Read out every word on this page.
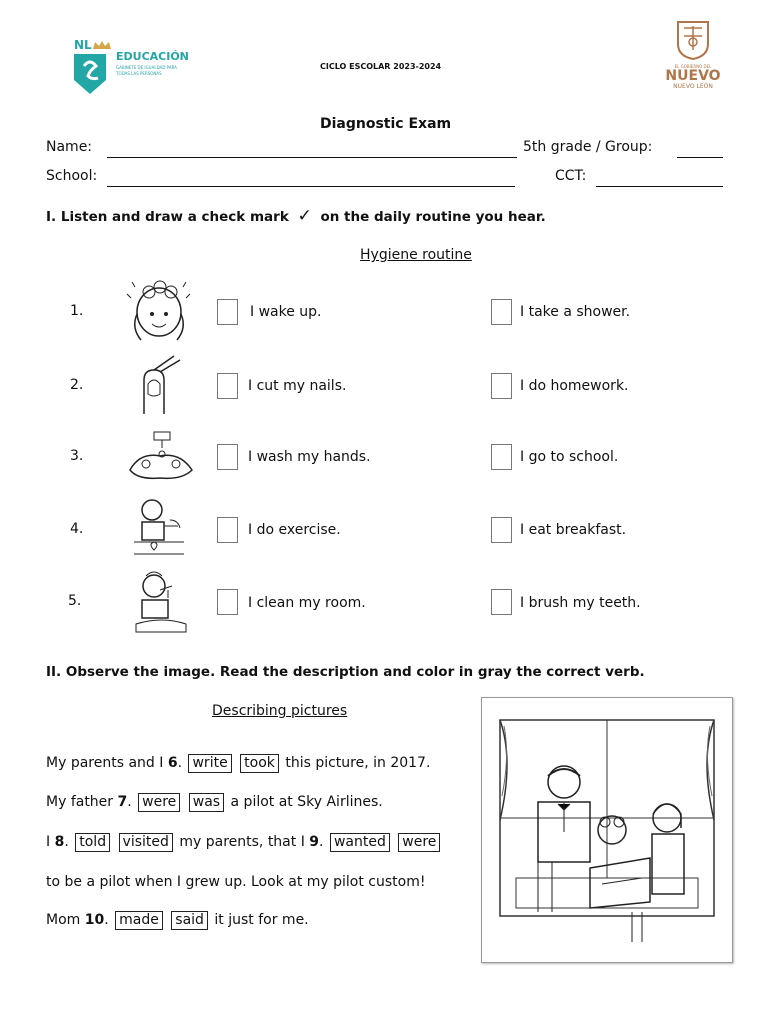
NL
EDUCACIÓN
GABINETE DE IGUALDAD PARA TODAS LAS PERSONAS
CICLO ESCOLAR 2023-2024	EL GOBIERNO DEL
NUEVO
NUEVO LEÓN
Diagnostic Exam
Name:	5th grade / Group:
School:	CCT:
I. Listen and draw a check mark ✓ on the daily routine you hear.
Hygiene routine
1.	I wake up.	I take a shower.
2.	I cut my nails.	I do homework.
3.	I wash my hands.	I go to school.
4.	I do exercise.	I eat breakfast.
5.	I clean my room.	I brush my teeth.
II. Observe the image. Read the description and color in gray the correct verb.
Describing pictures
My parents and I 6. write took this picture, in 2017.
My father 7. were was a pilot at Sky Airlines.
I 8. told visited my parents, that I 9. wanted were
to be a pilot when I grew up. Look at my pilot custom!
Mom 10. made said it just for me.
